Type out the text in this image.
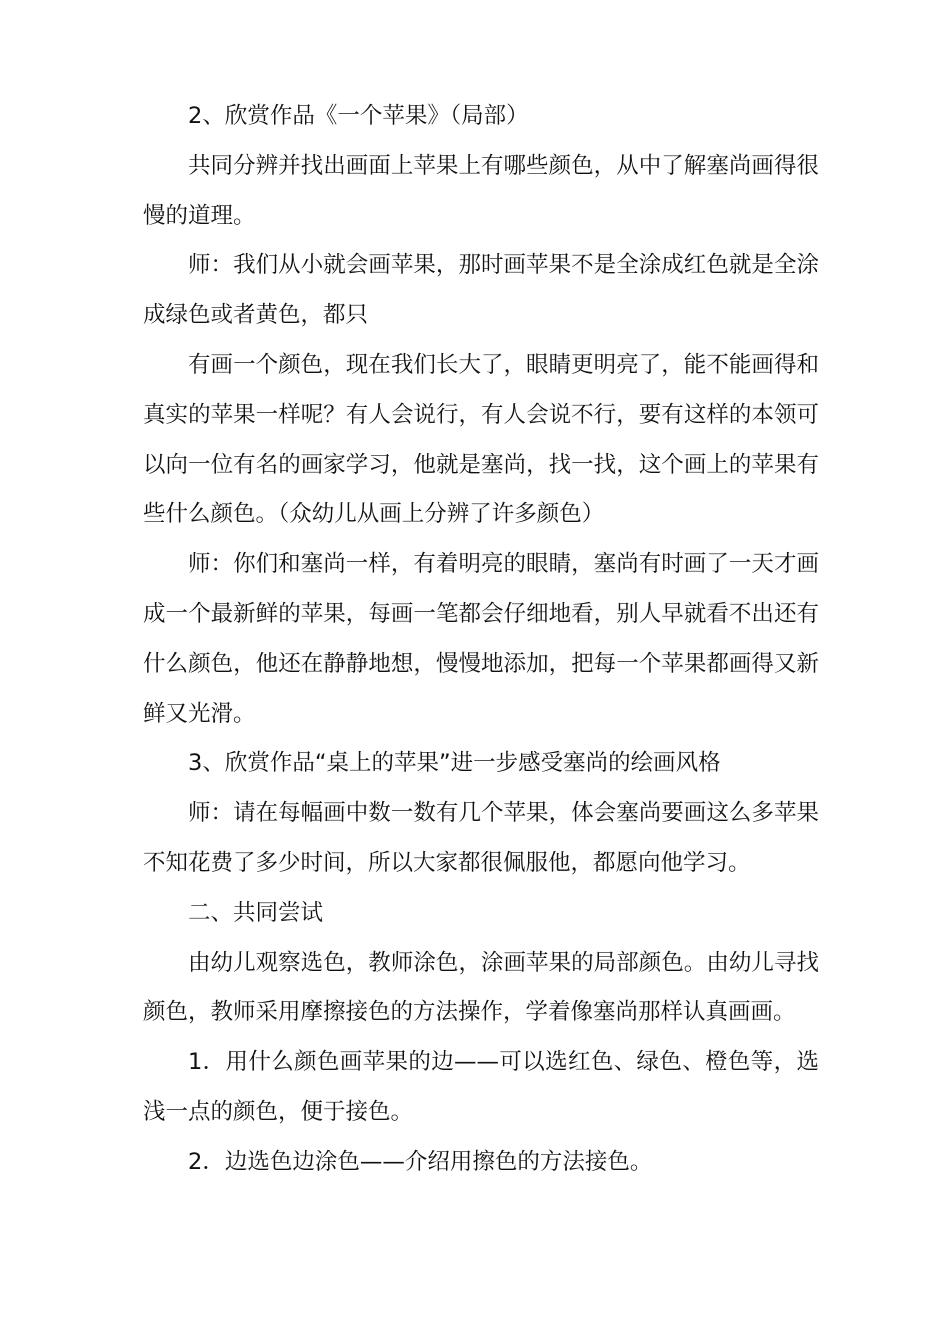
2、欣赏作品《一个苹果》（局部）

共同分辨并找出画面上苹果上有哪些颜色，从中了解塞尚画得很慢的道理。

师：我们从小就会画苹果，那时画苹果不是全涂成红色就是全涂成绿色或者黄色，都只

有画一个颜色，现在我们长大了，眼睛更明亮了，能不能画得和真实的苹果一样呢？有人会说行，有人会说不行，要有这样的本领可以向一位有名的画家学习，他就是塞尚，找一找，这个画上的苹果有些什么颜色。（众幼儿从画上分辨了许多颜色）

师：你们和塞尚一样，有着明亮的眼睛，塞尚有时画了一天才画成一个最新鲜的苹果，每画一笔都会仔细地看，别人早就看不出还有什么颜色，他还在静静地想，慢慢地添加，把每一个苹果都画得又新鲜又光滑。

3、欣赏作品“桌上的苹果”进一步感受塞尚的绘画风格

师：请在每幅画中数一数有几个苹果，体会塞尚要画这么多苹果不知花费了多少时间，所以大家都很佩服他，都愿向他学习。

二、共同尝试

由幼儿观察选色，教师涂色，涂画苹果的局部颜色。由幼儿寻找颜色，教师采用摩擦接色的方法操作，学着像塞尚那样认真画画。

1．用什么颜色画苹果的边——可以选红色、绿色、橙色等，选浅一点的颜色，便于接色。

2．边选色边涂色——介绍用擦色的方法接色。
